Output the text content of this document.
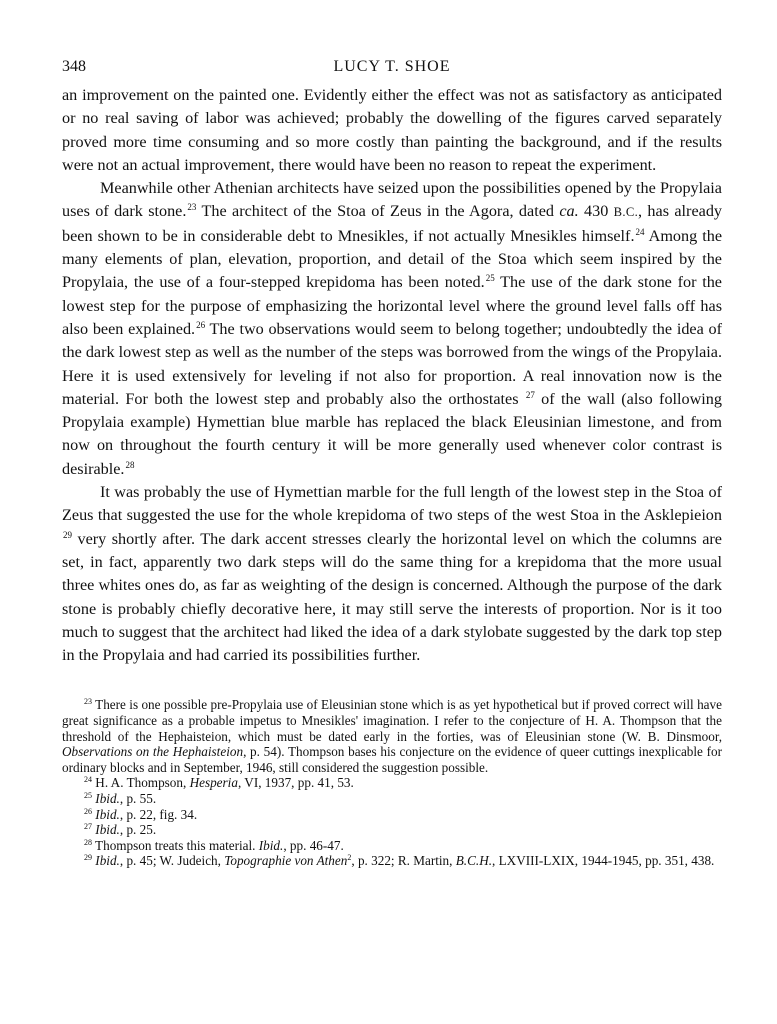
348	LUCY T. SHOE

an improvement on the painted one. Evidently either the effect was not as satisfactory as anticipated or no real saving of labor was achieved; probably the dowelling of the figures carved separately proved more time consuming and so more costly than painting the background, and if the results were not an actual improvement, there would have been no reason to repeat the experiment.

Meanwhile other Athenian architects have seized upon the possibilities opened by the Propylaia uses of dark stone.$^{23}$ The architect of the Stoa of Zeus in the Agora, dated ca. 430 B.C., has already been shown to be in considerable debt to Mnesikles, if not actually Mnesikles himself.$^{24}$ Among the many elements of plan, elevation, proportion, and detail of the Stoa which seem inspired by the Propylaia, the use of a four-stepped krepidoma has been noted.$^{25}$ The use of the dark stone for the lowest step for the purpose of emphasizing the horizontal level where the ground level falls off has also been explained.$^{26}$ The two observations would seem to belong together; undoubtedly the idea of the dark lowest step as well as the number of the steps was borrowed from the wings of the Propylaia. Here it is used extensively for leveling if not also for proportion. A real innovation now is the material. For both the lowest step and probably also the orthostates $^{27}$ of the wall (also following Propylaia example) Hymettian blue marble has replaced the black Eleusinian limestone, and from now on throughout the fourth century it will be more generally used whenever color contrast is desirable.$^{28}$

It was probably the use of Hymettian marble for the full length of the lowest step in the Stoa of Zeus that suggested the use for the whole krepidoma of two steps of the west Stoa in the Asklepieion $^{29}$ very shortly after. The dark accent stresses clearly the horizontal level on which the columns are set, in fact, apparently two dark steps will do the same thing for a krepidoma that the more usual three whites ones do, as far as weighting of the design is concerned. Although the purpose of the dark stone is probably chiefly decorative here, it may still serve the interests of proportion. Nor is it too much to suggest that the architect had liked the idea of a dark stylobate suggested by the dark top step in the Propylaia and had carried its possibilities further.

$^{23}$ There is one possible pre-Propylaia use of Eleusinian stone which is as yet hypothetical but if proved correct will have great significance as a probable impetus to Mnesikles' imagination. I refer to the conjecture of H. A. Thompson that the threshold of the Hephaisteion, which must be dated early in the forties, was of Eleusinian stone (W. B. Dinsmoor, Observations on the Hephaisteion, p. 54). Thompson bases his conjecture on the evidence of queer cuttings inexplicable for ordinary blocks and in September, 1946, still considered the suggestion possible.

$^{24}$ H. A. Thompson, Hesperia, VI, 1937, pp. 41, 53.

$^{25}$ Ibid., p. 55.

$^{26}$ Ibid., p. 22, fig. 34.

$^{27}$ Ibid., p. 25.

$^{28}$ Thompson treats this material. Ibid., pp. 46-47.

$^{29}$ Ibid., p. 45; W. Judeich, Topographie von Athen$^2$, p. 322; R. Martin, B.C.H., LXVIII-LXIX, 1944-1945, pp. 351, 438.
